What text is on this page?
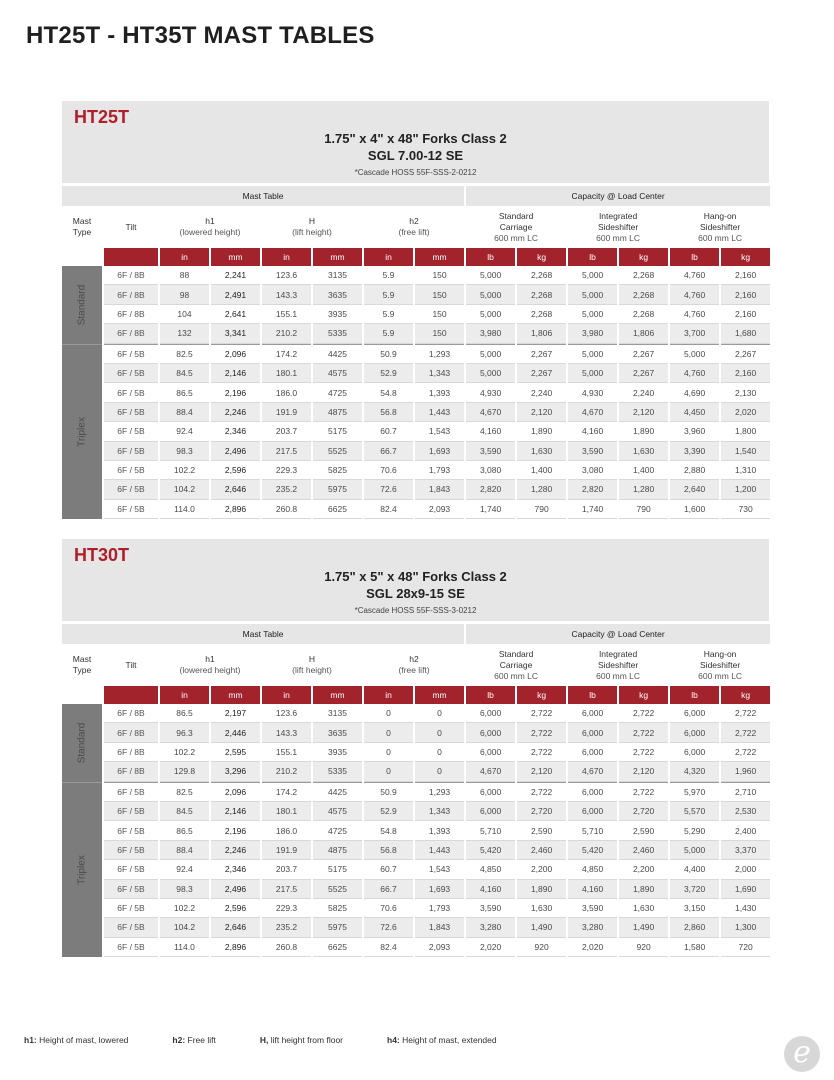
HT25T - HT35T MAST TABLES
HT25T
1.75" x 4" x 48" Forks Class 2
SGL 7.00-12 SE
*Cascade HOSS 55F-SSS-2-0212
Mast Table								Capacity @ Load Center					
Mast
Type	Tilt	h1
(lowered height)		H
(lift height)		h2
(free lift)		Standard
Carriage
600 mm LC		Integrated
Sideshifter
600 mm LC		Hang-on
Sideshifter
600 mm LC	
		in	mm	in	mm	in	mm	lb	kg	lb	kg	lb	kg

Standard	6F / 8B	88	2,241	123.6	3135	5.9	150	5,000	2,268	5,000	2,268	4,760	2,160
	6F / 8B	98	2,491	143.3	3635	5.9	150	5,000	2,268	5,000	2,268	4,760	2,160
	6F / 8B	104	2,641	155.1	3935	5.9	150	5,000	2,268	5,000	2,268	4,760	2,160
	6F / 8B	132	3,341	210.2	5335	5.9	150	3,980	1,806	3,980	1,806	3,700	1,680

Triplex	6F / 5B	82.5	2,096	174.2	4425	50.9	1,293	5,000	2,267	5,000	2,267	5,000	2,267
	6F / 5B	84.5	2,146	180.1	4575	52.9	1,343	5,000	2,267	5,000	2,267	4,760	2,160
	6F / 5B	86.5	2,196	186.0	4725	54.8	1,393	4,930	2,240	4,930	2,240	4,690	2,130
	6F / 5B	88.4	2,246	191.9	4875	56.8	1,443	4,670	2,120	4,670	2,120	4,450	2,020
	6F / 5B	92.4	2,346	203.7	5175	60.7	1,543	4,160	1,890	4,160	1,890	3,960	1,800
	6F / 5B	98.3	2,496	217.5	5525	66.7	1,693	3,590	1,630	3,590	1,630	3,390	1,540
	6F / 5B	102.2	2,596	229.3	5825	70.6	1,793	3,080	1,400	3,080	1,400	2,880	1,310
	6F / 5B	104.2	2,646	235.2	5975	72.6	1,843	2,820	1,280	2,820	1,280	2,640	1,200
	6F / 5B	114.0	2,896	260.8	6625	82.4	2,093	1,740	790	1,740	790	1,600	730
HT30T
1.75" x 5" x 48" Forks Class 2
SGL 28x9-15 SE
*Cascade HOSS 55F-SSS-3-0212
Mast Table								Capacity @ Load Center					
Mast
Type	Tilt	h1
(lowered height)		H
(lift height)		h2
(free lift)		Standard
Carriage
600 mm LC		Integrated
Sideshifter
600 mm LC		Hang-on
Sideshifter
600 mm LC	
		in	mm	in	mm	in	mm	lb	kg	lb	kg	lb	kg

Standard	6F / 8B	86.5	2,197	123.6	3135	0	0	6,000	2,722	6,000	2,722	6,000	2,722
	6F / 8B	96.3	2,446	143.3	3635	0	0	6,000	2,722	6,000	2,722	6,000	2,722
	6F / 8B	102.2	2,595	155.1	3935	0	0	6,000	2,722	6,000	2,722	6,000	2,722
	6F / 8B	129.8	3,296	210.2	5335	0	0	4,670	2,120	4,670	2,120	4,320	1,960

Triplex	6F / 5B	82.5	2,096	174.2	4425	50.9	1,293	6,000	2,722	6,000	2,722	5,970	2,710
	6F / 5B	84.5	2,146	180.1	4575	52.9	1,343	6,000	2,720	6,000	2,720	5,570	2,530
	6F / 5B	86.5	2,196	186.0	4725	54.8	1,393	5,710	2,590	5,710	2,590	5,290	2,400
	6F / 5B	88.4	2,246	191.9	4875	56.8	1,443	5,420	2,460	5,420	2,460	5,000	3,370
	6F / 5B	92.4	2,346	203.7	5175	60.7	1,543	4,850	2,200	4,850	2,200	4,400	2,000
	6F / 5B	98.3	2,496	217.5	5525	66.7	1,693	4,160	1,890	4,160	1,890	3,720	1,690
	6F / 5B	102.2	2,596	229.3	5825	70.6	1,793	3,590	1,630	3,590	1,630	3,150	1,430
	6F / 5B	104.2	2,646	235.2	5975	72.6	1,843	3,280	1,490	3,280	1,490	2,860	1,300
	6F / 5B	114.0	2,896	260.8	6625	82.4	2,093	2,020	920	2,020	920	1,580	720
h1: Height of mast, lowered	h2: Free lift	H, lift height from floor	h4: Height of mast, extended	e
